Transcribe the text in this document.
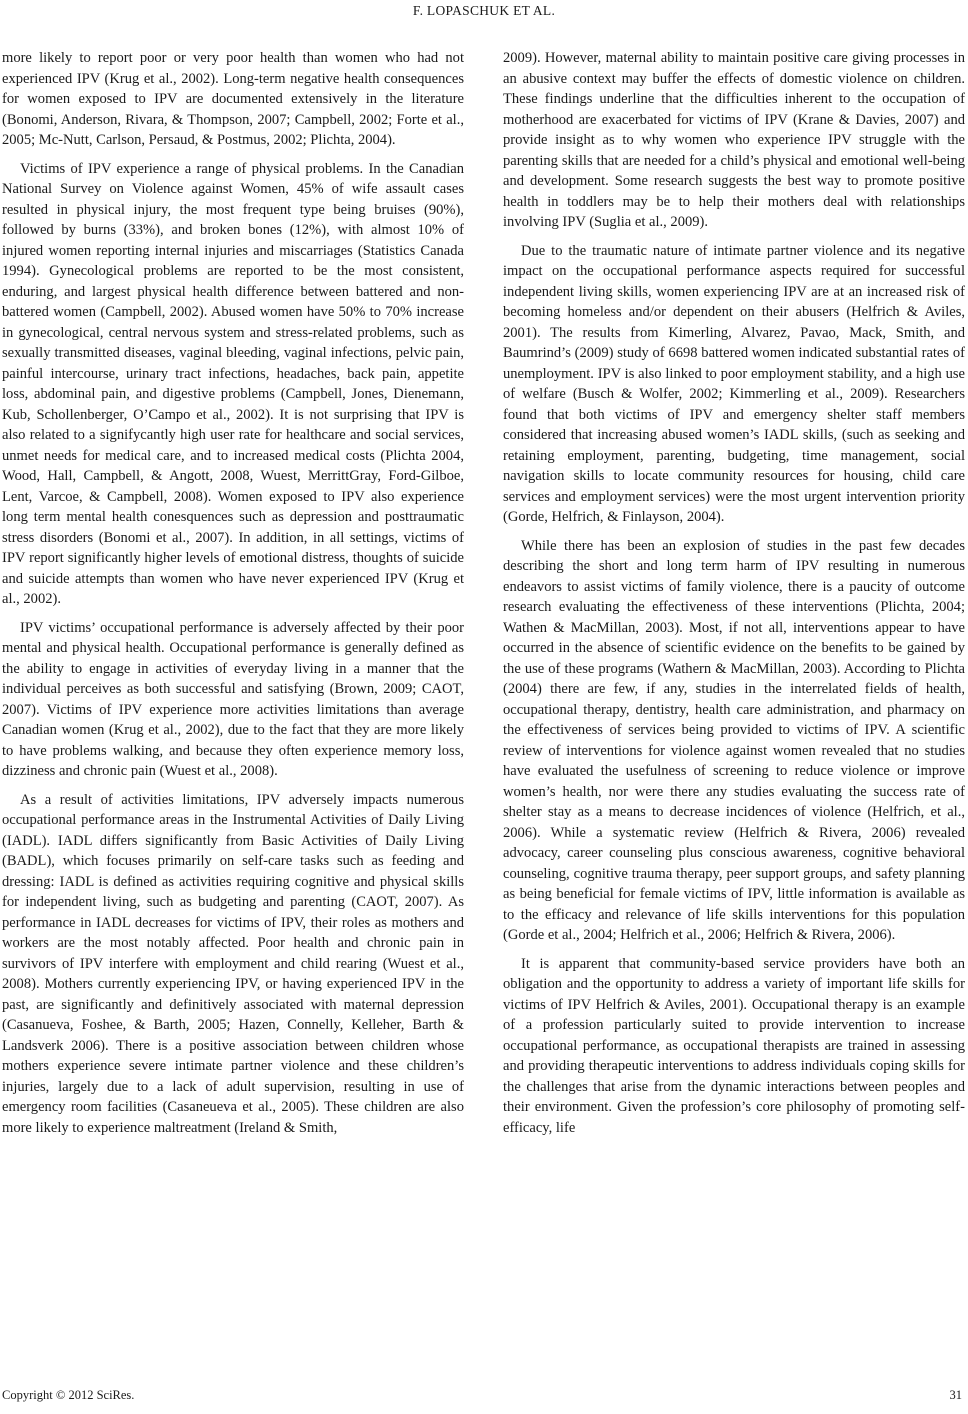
F. LOPASCHUK ET AL.

more likely to report poor or very poor health than women who had not experienced IPV (Krug et al., 2002). Long-term negative health consequences for women exposed to IPV are documented extensively in the literature (Bonomi, Anderson, Rivara, & Thompson, 2007; Campbell, 2002; Forte et al., 2005; Mc-Nutt, Carlson, Persaud, & Postmus, 2002; Plichta, 2004).

Victims of IPV experience a range of physical problems. In the Canadian National Survey on Violence against Women, 45% of wife assault cases resulted in physical injury, the most frequent type being bruises (90%), followed by burns (33%), and broken bones (12%), with almost 10% of injured women reporting internal injuries and miscarriages (Statistics Canada 1994). Gynecological problems are reported to be the most consistent, enduring, and largest physical health difference between battered and non-battered women (Campbell, 2002). Abused women have 50% to 70% increase in gynecological, central nervous system and stress-related problems, such as sexually transmitted diseases, vaginal bleeding, vaginal infections, pelvic pain, painful intercourse, urinary tract infections, headaches, back pain, appetite loss, abdominal pain, and digestive problems (Campbell, Jones, Dienemann, Kub, Schollenberger, O’Campo et al., 2002). It is not surprising that IPV is also related to a signifycantly high user rate for healthcare and social services, unmet needs for medical care, and to increased medical costs (Plichta 2004, Wood, Hall, Campbell, & Angott, 2008, Wuest, MerrittGray, Ford-Gilboe, Lent, Varcoe, & Campbell, 2008). Women exposed to IPV also experience long term mental health conesquences such as depression and posttraumatic stress disorders (Bonomi et al., 2007). In addition, in all settings, victims of IPV report significantly higher levels of emotional distress, thoughts of suicide and suicide attempts than women who have never experienced IPV (Krug et al., 2002).

IPV victims’ occupational performance is adversely affected by their poor mental and physical health. Occupational performance is generally defined as the ability to engage in activities of everyday living in a manner that the individual perceives as both successful and satisfying (Brown, 2009; CAOT, 2007). Victims of IPV experience more activities limitations than average Canadian women (Krug et al., 2002), due to the fact that they are more likely to have problems walking, and because they often experience memory loss, dizziness and chronic pain (Wuest et al., 2008).

As a result of activities limitations, IPV adversely impacts numerous occupational performance areas in the Instrumental Activities of Daily Living (IADL). IADL differs significantly from Basic Activities of Daily Living (BADL), which focuses primarily on self-care tasks such as feeding and dressing: IADL is defined as activities requiring cognitive and physical skills for independent living, such as budgeting and parenting (CAOT, 2007). As performance in IADL decreases for victims of IPV, their roles as mothers and workers are the most notably affected. Poor health and chronic pain in survivors of IPV interfere with employment and child rearing (Wuest et al., 2008). Mothers currently experiencing IPV, or having experienced IPV in the past, are significantly and definitively associated with maternal depression (Casanueva, Foshee, & Barth, 2005; Hazen, Connelly, Kelleher, Barth & Landsverk 2006). There is a positive association between children whose mothers experience severe intimate partner violence and these children’s injuries, largely due to a lack of adult supervision, resulting in use of emergency room facilities (Casaneueva et al., 2005). These children are also more likely to experience maltreatment (Ireland & Smith,

2009). However, maternal ability to maintain positive care giving processes in an abusive context may buffer the effects of domestic violence on children. These findings underline that the difficulties inherent to the occupation of motherhood are exacerbated for victims of IPV (Krane & Davies, 2007) and provide insight as to why women who experience IPV struggle with the parenting skills that are needed for a child’s physical and emotional well-being and development. Some research suggests the best way to promote positive health in toddlers may be to help their mothers deal with relationships involving IPV (Suglia et al., 2009).

Due to the traumatic nature of intimate partner violence and its negative impact on the occupational performance aspects required for successful independent living skills, women experiencing IPV are at an increased risk of becoming homeless and/or dependent on their abusers (Helfrich & Aviles, 2001). The results from Kimerling, Alvarez, Pavao, Mack, Smith, and Baumrind’s (2009) study of 6698 battered women indicated substantial rates of unemployment. IPV is also linked to poor employment stability, and a high use of welfare (Busch & Wolfer, 2002; Kimmerling et al., 2009). Researchers found that both victims of IPV and emergency shelter staff members considered that increasing abused women’s IADL skills, (such as seeking and retaining employment, parenting, budgeting, time management, social navigation skills to locate community resources for housing, child care services and employment services) were the most urgent intervention priority (Gorde, Helfrich, & Finlayson, 2004).

While there has been an explosion of studies in the past few decades describing the short and long term harm of IPV resulting in numerous endeavors to assist victims of family violence, there is a paucity of outcome research evaluating the effectiveness of these interventions (Plichta, 2004; Wathen & MacMillan, 2003). Most, if not all, interventions appear to have occurred in the absence of scientific evidence on the benefits to be gained by the use of these programs (Wathern & MacMillan, 2003). According to Plichta (2004) there are few, if any, studies in the interrelated fields of health, occupational therapy, dentistry, health care administration, and pharmacy on the effectiveness of services being provided to victims of IPV. A scientific review of interventions for violence against women revealed that no studies have evaluated the usefulness of screening to reduce violence or improve women’s health, nor were there any studies evaluating the success rate of shelter stay as a means to decrease incidences of violence (Helfrich, et al., 2006). While a systematic review (Helfrich & Rivera, 2006) revealed advocacy, career counseling plus conscious awareness, cognitive behavioral counseling, cognitive trauma therapy, peer support groups, and safety planning as being beneficial for female victims of IPV, little information is available as to the efficacy and relevance of life skills interventions for this population (Gorde et al., 2004; Helfrich et al., 2006; Helfrich & Rivera, 2006).

It is apparent that community-based service providers have both an obligation and the opportunity to address a variety of important life skills for victims of IPV Helfrich & Aviles, 2001). Occupational therapy is an example of a profession particularly suited to provide intervention to increase occupational performance, as occupational therapists are trained in assessing and providing therapeutic interventions to address individuals coping skills for the challenges that arise from the dynamic interactions between peoples and their environment. Given the profession’s core philosophy of promoting self-efficacy, life

Copyright © 2012 SciRes.	31
